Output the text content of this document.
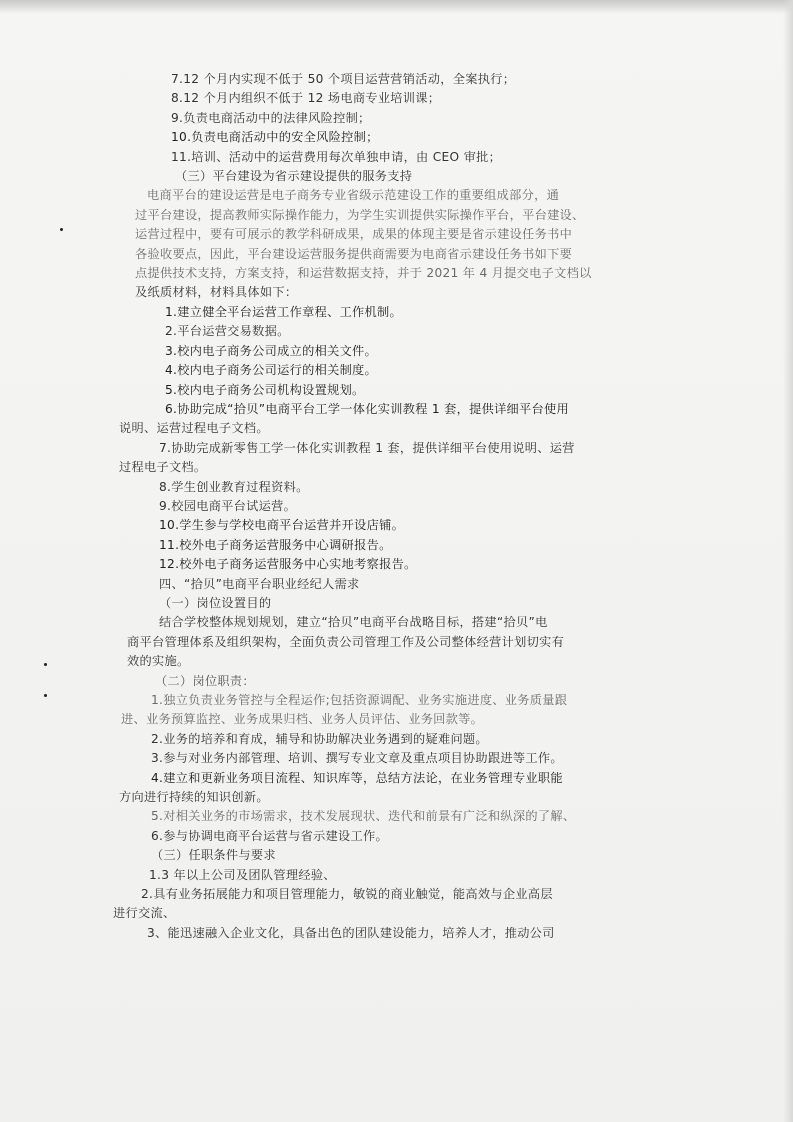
7.12 个月内实现不低于 50 个项目运营营销活动，全案执行；
8.12 个月内组织不低于 12 场电商专业培训课；
9.负责电商活动中的法律风险控制；
10.负责电商活动中的安全风险控制；
11.培训、活动中的运营费用每次单独申请，由 CEO 审批；
（三）平台建设为省示建设提供的服务支持
电商平台的建设运营是电子商务专业省级示范建设工作的重要组成部分，通
过平台建设，提高教师实际操作能力，为学生实训提供实际操作平台，平台建设、
运营过程中，要有可展示的教学科研成果，成果的体现主要是省示建设任务书中
各验收要点，因此，平台建设运营服务提供商需要为电商省示建设任务书如下要
点提供技术支持，方案支持，和运营数据支持，并于 2021 年 4 月提交电子文档以
及纸质材料，材料具体如下：
1.建立健全平台运营工作章程、工作机制。
2.平台运营交易数据。
3.校内电子商务公司成立的相关文件。
4.校内电子商务公司运行的相关制度。
5.校内电子商务公司机构设置规划。
6.协助完成“拾贝”电商平台工学一体化实训教程 1 套，提供详细平台使用
说明、运营过程电子文档。
7.协助完成新零售工学一体化实训教程 1 套，提供详细平台使用说明、运营
过程电子文档。
8.学生创业教育过程资料。
9.校园电商平台试运营。
10.学生参与学校电商平台运营并开设店铺。
11.校外电子商务运营服务中心调研报告。
12.校外电子商务运营服务中心实地考察报告。
四、“拾贝”电商平台职业经纪人需求
（一）岗位设置目的
结合学校整体规划规划，建立“拾贝”电商平台战略目标，搭建“拾贝”电
商平台管理体系及组织架构，全面负责公司管理工作及公司整体经营计划切实有
效的实施。
（二）岗位职责：
1.独立负责业务管控与全程运作;包括资源调配、业务实施进度、业务质量跟
进、业务预算监控、业务成果归档、业务人员评估、业务回款等。
2.业务的培养和育成，辅导和协助解决业务遇到的疑难问题。
3.参与对业务内部管理、培训、撰写专业文章及重点项目协助跟进等工作。
4.建立和更新业务项目流程、知识库等，总结方法论，在业务管理专业职能
方向进行持续的知识创新。
5.对相关业务的市场需求，技术发展现状、迭代和前景有广泛和纵深的了解、
6.参与协调电商平台运营与省示建设工作。
（三）任职条件与要求
1.3 年以上公司及团队管理经验、
2.具有业务拓展能力和项目管理能力，敏锐的商业触觉，能高效与企业高层
进行交流、
3、能迅速融入企业文化，具备出色的团队建设能力，培养人才，推动公司
